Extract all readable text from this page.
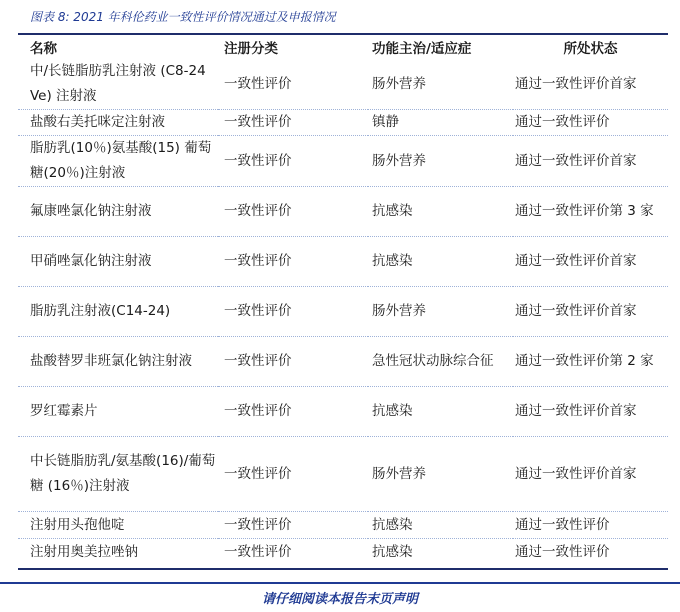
图表 8: 2021 年科伦药业一致性评价情况通过及申报情况
名称	注册分类	功能主治/适应症	所处状态
中/长链脂肪乳注射液 (C8-24 Ve) 注射液	一致性评价	肠外营养	通过一致性评价首家
盐酸右美托咪定注射液	一致性评价	镇静	通过一致性评价
脂肪乳(10％)氨基酸(15) 葡萄糖(20％)注射液	一致性评价	肠外营养	通过一致性评价首家
氟康唑氯化钠注射液	一致性评价	抗感染	通过一致性评价第 3 家
甲硝唑氯化钠注射液	一致性评价	抗感染	通过一致性评价首家
脂肪乳注射液(C14-24)	一致性评价	肠外营养	通过一致性评价首家
盐酸替罗非班氯化钠注射液	一致性评价	急性冠状动脉综合征	通过一致性评价第 2 家
罗红霉素片	一致性评价	抗感染	通过一致性评价首家
中长链脂肪乳/氨基酸(16)/葡萄糖 (16％)注射液	一致性评价	肠外营养	通过一致性评价首家
注射用头孢他啶	一致性评价	抗感染	通过一致性评价
注射用奥美拉唑钠	一致性评价	抗感染	通过一致性评价
请仔细阅读本报告末页声明
